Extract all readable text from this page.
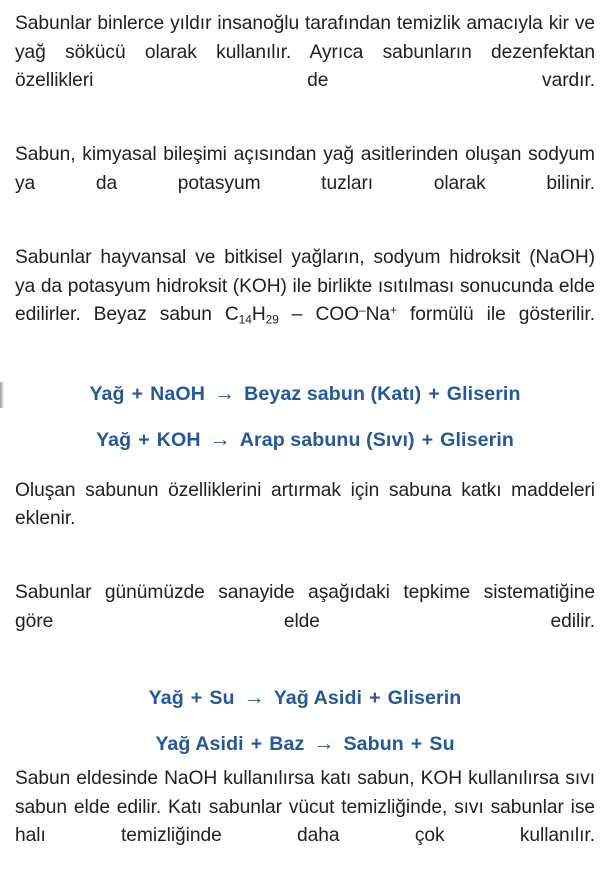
Sabunlar binlerce yıldır insanoğlu tarafından temizlik amacıyla kir ve yağ sökücü olarak kullanılır. Ayrıca sabunların dezenfektan özellikleri de vardır.

Sabun, kimyasal bileşimi açısından yağ asitlerinden oluşan sodyum ya da potasyum tuzları olarak bilinir.

Sabunlar hayvansal ve bitkisel yağların, sodyum hidroksit (NaOH) ya da potasyum hidroksit (KOH) ile birlikte ısıtılması sonucunda elde edilirler. Beyaz sabun $C_{14}H_{29} - COO^-Na^+$ formülü ile gösterilir.

Yağ + NaOH → Beyaz sabun (Katı) + Gliserin
Yağ + KOH → Arap sabunu (Sıvı) + Gliserin

Oluşan sabunun özelliklerini artırmak için sabuna katkı maddeleri eklenir.

Sabunlar günümüzde sanayide aşağıdaki tepkime sistematiğine göre elde edilir.

Yağ + Su → Yağ Asidi + Gliserin
Yağ Asidi + Baz → Sabun + Su

Sabun eldesinde NaOH kullanılırsa katı sabun, KOH kullanılırsa sıvı sabun elde edilir. Katı sabunlar vücut temizliğinde, sıvı sabunlar ise halı temizliğinde daha çok kullanılır.
